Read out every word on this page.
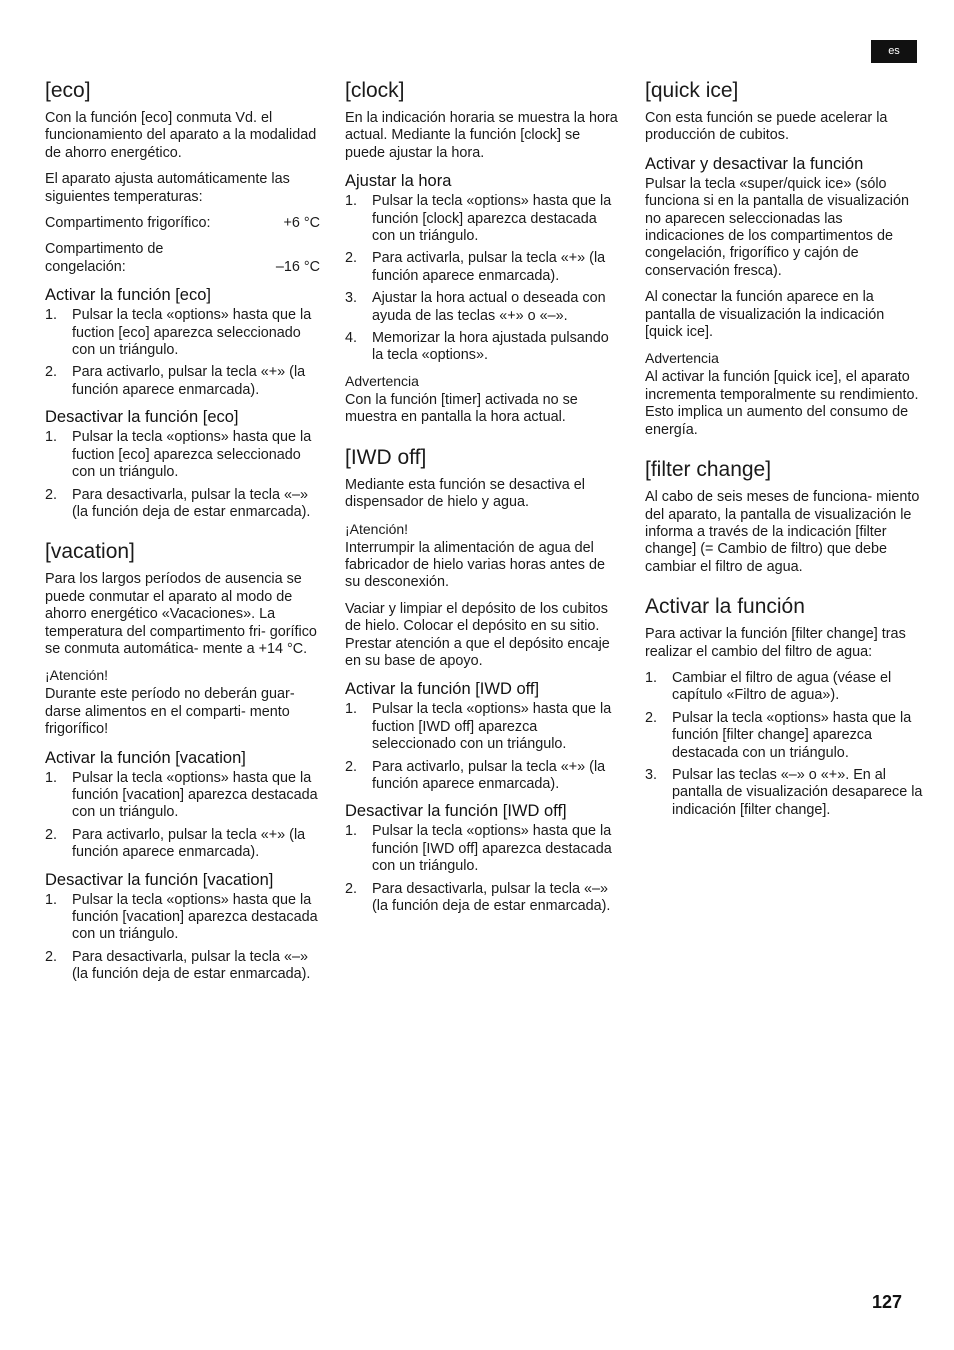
es
[eco]

Con la función [eco] conmuta Vd. el funcionamiento del aparato a la modalidad de ahorro energético.

El aparato ajusta automáticamente las siguientes temperaturas:

Compartimento frigorífico:	+6 °C
Compartimento de congelación:	–16 °C
Activar la función [eco]
1. Pulsar la tecla «options» hasta que la fuction [eco] aparezca seleccionado con un triángulo.
2. Para activarlo, pulsar la tecla «+» (la función aparece enmarcada).
Desactivar la función [eco]
1. Pulsar la tecla «options» hasta que la fuction [eco] aparezca seleccionado con un triángulo.
2. Para desactivarla, pulsar la tecla «–» (la función deja de estar enmarcada).
[vacation]

Para los largos períodos de ausencia se puede conmutar el aparato al modo de ahorro energético «Vacaciones». La temperatura del compartimento fri- gorífico se conmuta automática- mente a +14 °C.

¡Atención!

Durante este período no deberán guar- darse alimentos en el comparti- mento frigorífico!

Activar la función [vacation]
1. Pulsar la tecla «options» hasta que la función [vacation] aparezca destacada con un triángulo.
2. Para activarlo, pulsar la tecla «+» (la función aparece enmarcada).
Desactivar la función [vacation]
1. Pulsar la tecla «options» hasta que la función [vacation] aparezca destacada con un triángulo.
2. Para desactivarla, pulsar la tecla «–» (la función deja de estar enmarcada).
[clock]

En la indicación horaria se muestra la hora actual. Mediante la función [clock] se puede ajustar la hora.

Ajustar la hora
1. Pulsar la tecla «options» hasta que la función [clock] aparezca destacada con un triángulo.
2. Para activarla, pulsar la tecla «+» (la función aparece enmarcada).
3. Ajustar la hora actual o deseada con ayuda de las teclas «+» o «–».
4. Memorizar la hora ajustada pulsando la tecla «options».
Advertencia

Con la función [timer] activada no se muestra en pantalla la hora actual.

[IWD off]

Mediante esta función se desactiva el dispensador de hielo y agua.

¡Atención!

Interrumpir la alimentación de agua del fabricador de hielo varias horas antes de su desconexión.

Vaciar y limpiar el depósito de los cubitos de hielo. Colocar el depósito en su sitio. Prestar atención a que el depósito encaje en su base de apoyo.

Activar la función [IWD off]
1. Pulsar la tecla «options» hasta que la fuction [IWD off] aparezca seleccionado con un triángulo.
2. Para activarlo, pulsar la tecla «+» (la función aparece enmarcada).
Desactivar la función [IWD off]
1. Pulsar la tecla «options» hasta que la función [IWD off] aparezca destacada con un triángulo.
2. Para desactivarla, pulsar la tecla «–» (la función deja de estar enmarcada).
[quick ice]

Con esta función se puede acelerar la producción de cubitos.

Activar y desactivar la función

Pulsar la tecla «super/quick ice» (sólo funciona si en la pantalla de visualización no aparecen seleccionadas las indicaciones de los compartimentos de congelación, frigorífico y cajón de conservación fresca).

Al conectar la función aparece en la pantalla de visualización la indicación [quick ice].

Advertencia

Al activar la función [quick ice], el aparato incrementa temporalmente su rendimiento. Esto implica un aumento del consumo de energía.

[filter change]

Al cabo de seis meses de funciona- miento del aparato, la pantalla de visualización le informa a través de la indicación [filter change] (= Cambio de filtro) que debe cambiar el filtro de agua.

Activar la función

Para activar la función [filter change] tras realizar el cambio del filtro de agua:

1. Cambiar el filtro de agua (véase el capítulo «Filtro de agua»).
2. Pulsar la tecla «options» hasta que la función [filter change] aparezca destacada con un triángulo.
3. Pulsar las teclas «–» o «+». En al pantalla de visualización desaparece la indicación [filter change].
127
